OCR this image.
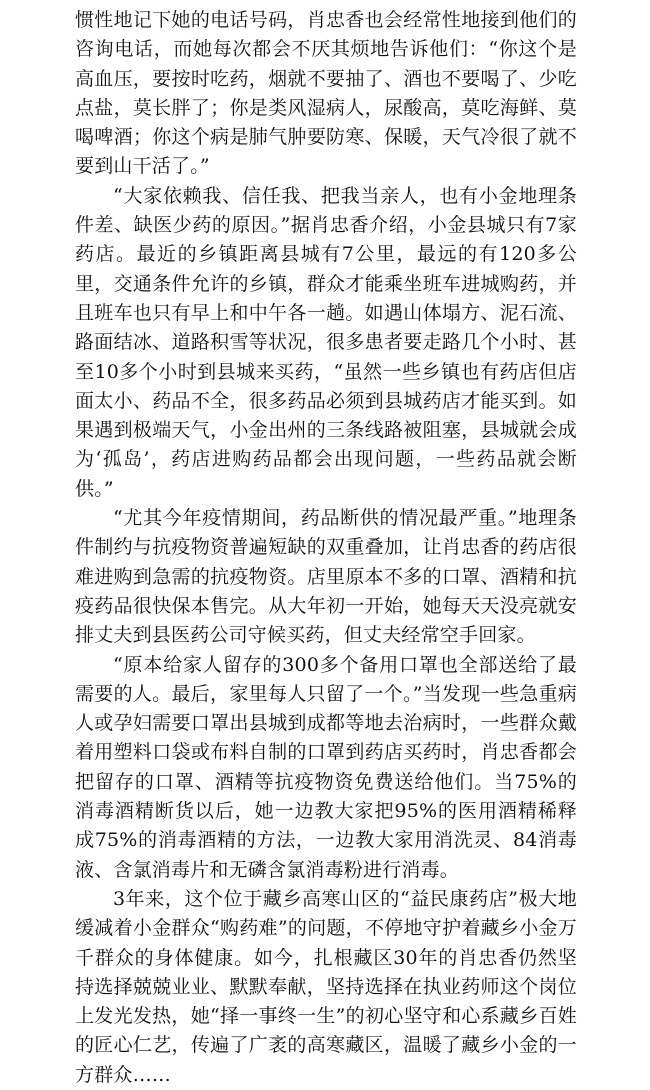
惯性地记下她的电话号码，肖忠香也会经常性地接到他们的咨询电话，而她每次都会不厌其烦地告诉他们：“你这个是高血压，要按时吃药，烟就不要抽了、酒也不要喝了、少吃点盐，莫长胖了；你是类风湿病人，尿酸高，莫吃海鲜、莫喝啤酒；你这个病是肺气肿要防寒、保暖，天气冷很了就不要到山干活了。”

“大家依赖我、信任我、把我当亲人，也有小金地理条件差、缺医少药的原因。”据肖忠香介绍，小金县城只有7家药店。最近的乡镇距离县城有7公里，最远的有120多公里，交通条件允许的乡镇，群众才能乘坐班车进城购药，并且班车也只有早上和中午各一趟。如遇山体塌方、泥石流、路面结冰、道路积雪等状况，很多患者要走路几个小时、甚至10多个小时到县城来买药，“虽然一些乡镇也有药店但店面太小、药品不全，很多药品必须到县城药店才能买到。如果遇到极端天气，小金出州的三条线路被阻塞，县城就会成为‘孤岛’，药店进购药品都会出现问题，一些药品就会断供。”

“尤其今年疫情期间，药品断供的情况最严重。”地理条件制约与抗疫物资普遍短缺的双重叠加，让肖忠香的药店很难进购到急需的抗疫物资。店里原本不多的口罩、酒精和抗疫药品很快保本售完。从大年初一开始，她每天天没亮就安排丈夫到县医药公司守候买药，但丈夫经常空手回家。

“原本给家人留存的300多个备用口罩也全部送给了最需要的人。最后，家里每人只留了一个。”当发现一些急重病人或孕妇需要口罩出县城到成都等地去治病时，一些群众戴着用塑料口袋或布料自制的口罩到药店买药时，肖忠香都会把留存的口罩、酒精等抗疫物资免费送给他们。当75%的消毒酒精断货以后，她一边教大家把95%的医用酒精稀释成75%的消毒酒精的方法，一边教大家用消洗灵、84消毒液、含氯消毒片和无磷含氯消毒粉进行消毒。

3年来，这个位于藏乡高寒山区的“益民康药店”极大地缓减着小金群众“购药难”的问题，不停地守护着藏乡小金万千群众的身体健康。如今，扎根藏区30年的肖忠香仍然坚持选择兢兢业业、默默奉献，坚持选择在执业药师这个岗位上发光发热，她“择一事终一生”的初心坚守和心系藏乡百姓的匠心仁艺，传遍了广袤的高寒藏区，温暖了藏乡小金的一方群众……
